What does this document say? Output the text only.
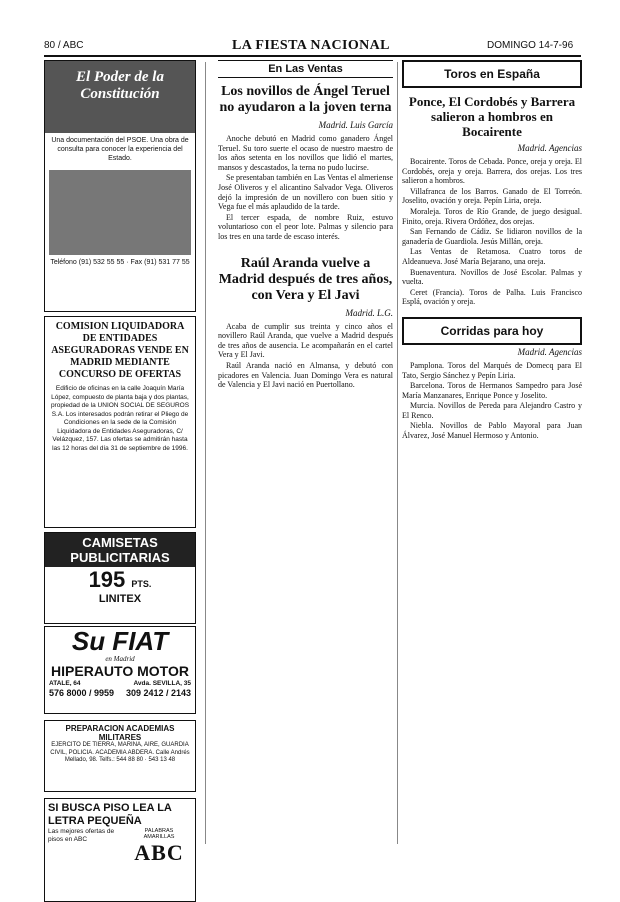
80 / ABC	LA FIESTA NACIONAL	DOMINGO 14-7-96
El Poder de la Constitución
Una documentación del PSOE. Una obra de consulta para conocer la experiencia del Estado.
Teléfono (91) 532 55 55 · Fax (91) 531 77 55
COMISION LIQUIDADORA DE ENTIDADES ASEGURADORAS VENDE EN MADRID MEDIANTE CONCURSO DE OFERTAS
Edificio de oficinas en la calle Joaquín María López, compuesto de planta baja y dos plantas, propiedad de la UNION SOCIAL DE SEGUROS S.A. Los interesados podrán retirar el Pliego de Condiciones en la sede de la Comisión Liquidadora de Entidades Aseguradoras, C/ Velázquez, 157. Las ofertas se admitirán hasta las 12 horas del día 31 de septiembre de 1996.
CAMISETAS PUBLICITARIAS
195 PTS.
LINITEX
Su FIAT
en Madrid
HIPERAUTO MOTOR
ATALE, 64	Avda. SEVILLA, 35
576 8000 / 9959 309 2412 / 2143
PREPARACION ACADEMIAS MILITARES
EJERCITO DE TIERRA, MARINA, AIRE, GUARDIA CIVIL, POLICIA. ACADEMIA ABDERA. Calle Andrés Mellado, 98. Telfs.: 544 88 80 · 543 13 48
SI BUSCA PISO LEA LA LETRA PEQUEÑA
Las mejores ofertas de pisos en ABC
PALABRAS AMARILLAS
ABC
En Las Ventas
Los novillos de Ángel Teruel no ayudaron a la joven terna
Madrid. Luis García

Anoche debutó en Madrid como ganadero Ángel Teruel. Su toro suerte el ocaso de nuestro maestro de los años setenta en los novillos que lidió el martes, mansos y descastados, la terna no pudo lucirse.

Se presentaban también en Las Ventas el almeriense José Oliveros y el alicantino Salvador Vega. Oliveros dejó la impresión de un novillero con buen sitio y Vega fue el más aplaudido de la tarde.

El tercer espada, de nombre Ruiz, estuvo voluntarioso con el peor lote. Palmas y silencio para los tres en una tarde de escaso interés.

Raúl Aranda vuelve a Madrid después de tres años, con Vera y El Javi
Madrid. L.G.

Acaba de cumplir sus treinta y cinco años el novillero Raúl Aranda, que vuelve a Madrid después de tres años de ausencia. Le acompañarán en el cartel Vera y El Javi.

Raúl Aranda nació en Almansa, y debutó con picadores en Valencia. Juan Domingo Vera es natural de Valencia y El Javi nació en Puertollano.

Toros en España
Ponce, El Cordobés y Barrera salieron a hombros en Bocairente
Madrid. Agencias

Bocairente. Toros de Cebada. Ponce, oreja y oreja. El Cordobés, oreja y oreja. Barrera, dos orejas. Los tres salieron a hombros.

Villafranca de los Barros. Ganado de El Torreón. Joselito, ovación y oreja. Pepín Liria, oreja.

Moraleja. Toros de Río Grande, de juego desigual. Finito, oreja. Rivera Ordóñez, dos orejas.

San Fernando de Cádiz. Se lidiaron novillos de la ganadería de Guardiola. Jesús Millán, oreja.

Las Ventas de Retamosa. Cuatro toros de Aldeanueva. José María Bejarano, una oreja.

Buenaventura. Novillos de José Escolar. Palmas y vuelta.

Ceret (Francia). Toros de Palha. Luis Francisco Esplá, ovación y oreja.

Corridas para hoy
Madrid. Agencias

Pamplona. Toros del Marqués de Domecq para El Tato, Sergio Sánchez y Pepín Liria.

Barcelona. Toros de Hermanos Sampedro para José María Manzanares, Enrique Ponce y Joselito.

Murcia. Novillos de Pereda para Alejandro Castro y El Renco.

Niebla. Novillos de Pablo Mayoral para Juan Álvarez, José Manuel Hermoso y Antonio.
